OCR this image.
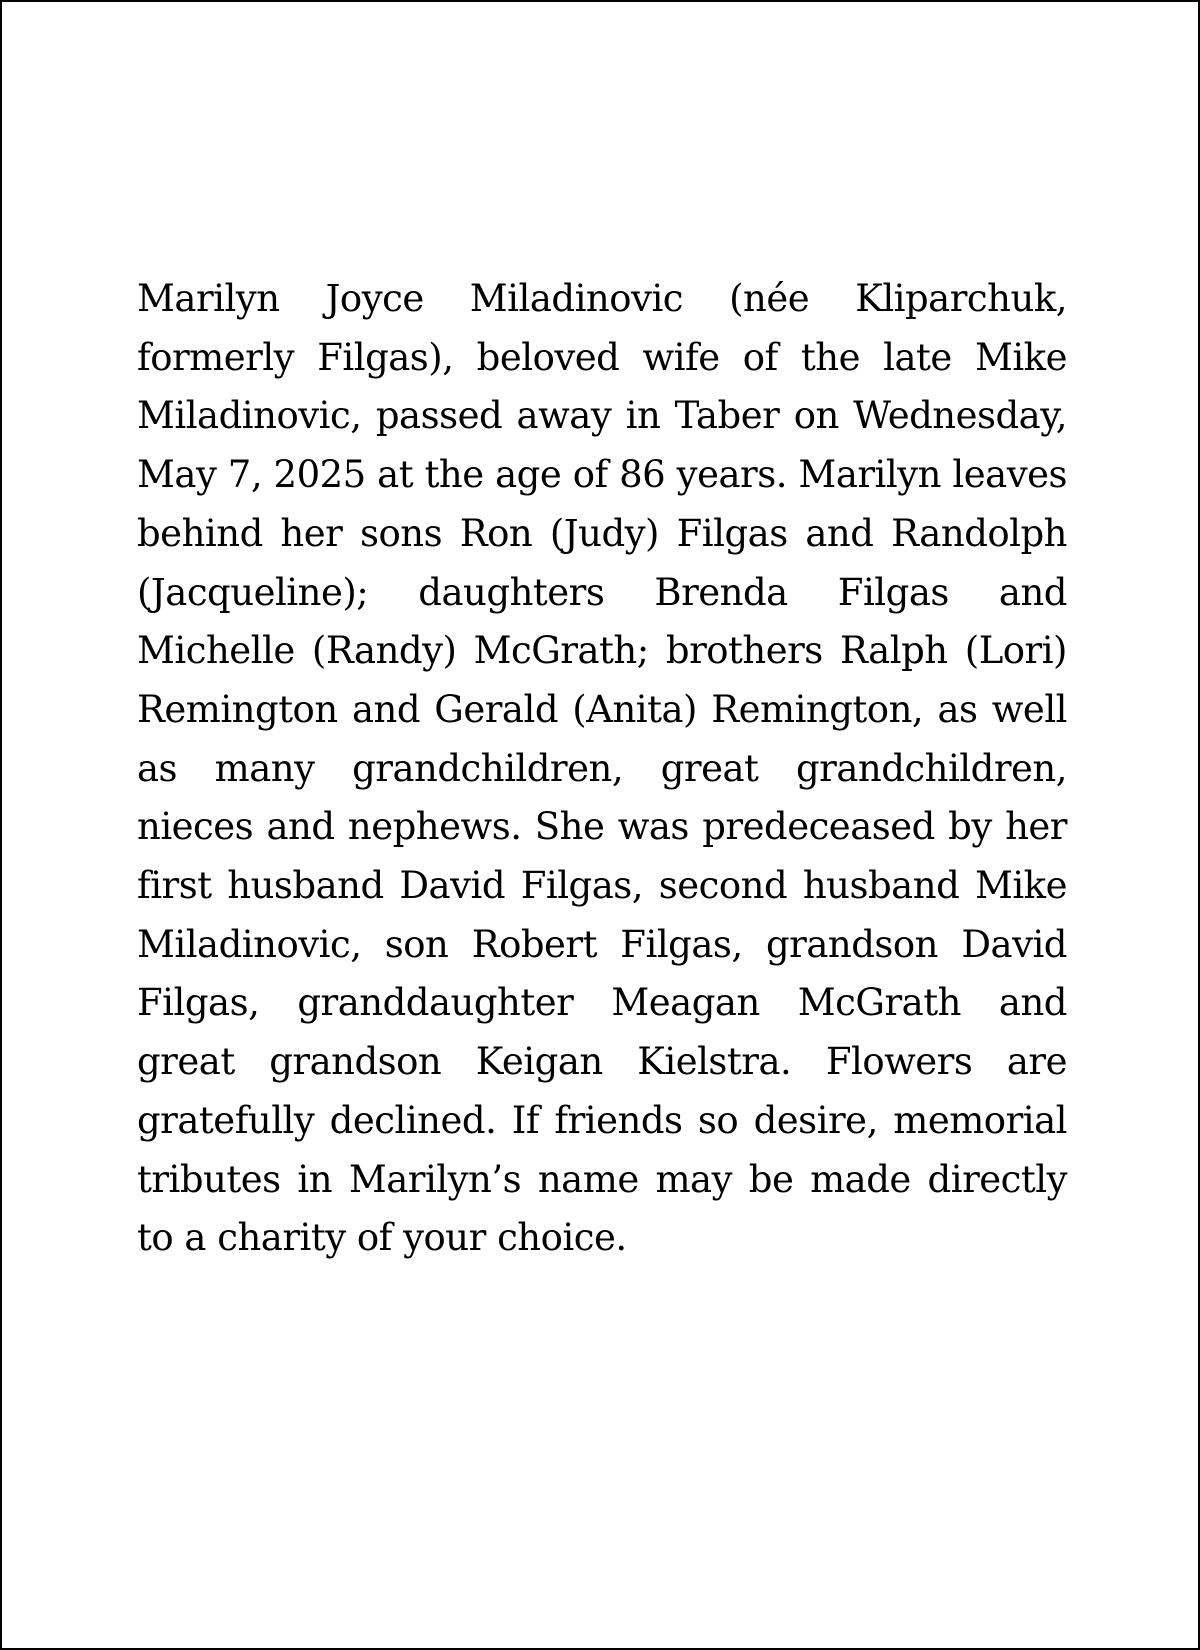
Marilyn Joyce Miladinovic (née Kliparchuk, formerly Filgas), beloved wife of the late Mike Miladinovic, passed away in Taber on Wednesday, May 7, 2025 at the age of 86 years. Marilyn leaves behind her sons Ron (Judy) Filgas and Randolph (Jacqueline); daughters Brenda Filgas and Michelle (Randy) McGrath; brothers Ralph (Lori) Remington and Gerald (Anita) Remington, as well as many grandchildren, great grandchildren, nieces and nephews. She was predeceased by her first husband David Filgas, second husband Mike Miladinovic, son Robert Filgas, grandson David Filgas, granddaughter Meagan McGrath and great grandson Keigan Kielstra. Flowers are gratefully declined. If friends so desire, memorial tributes in Marilyn’s name may be made directly to a charity of your choice.
